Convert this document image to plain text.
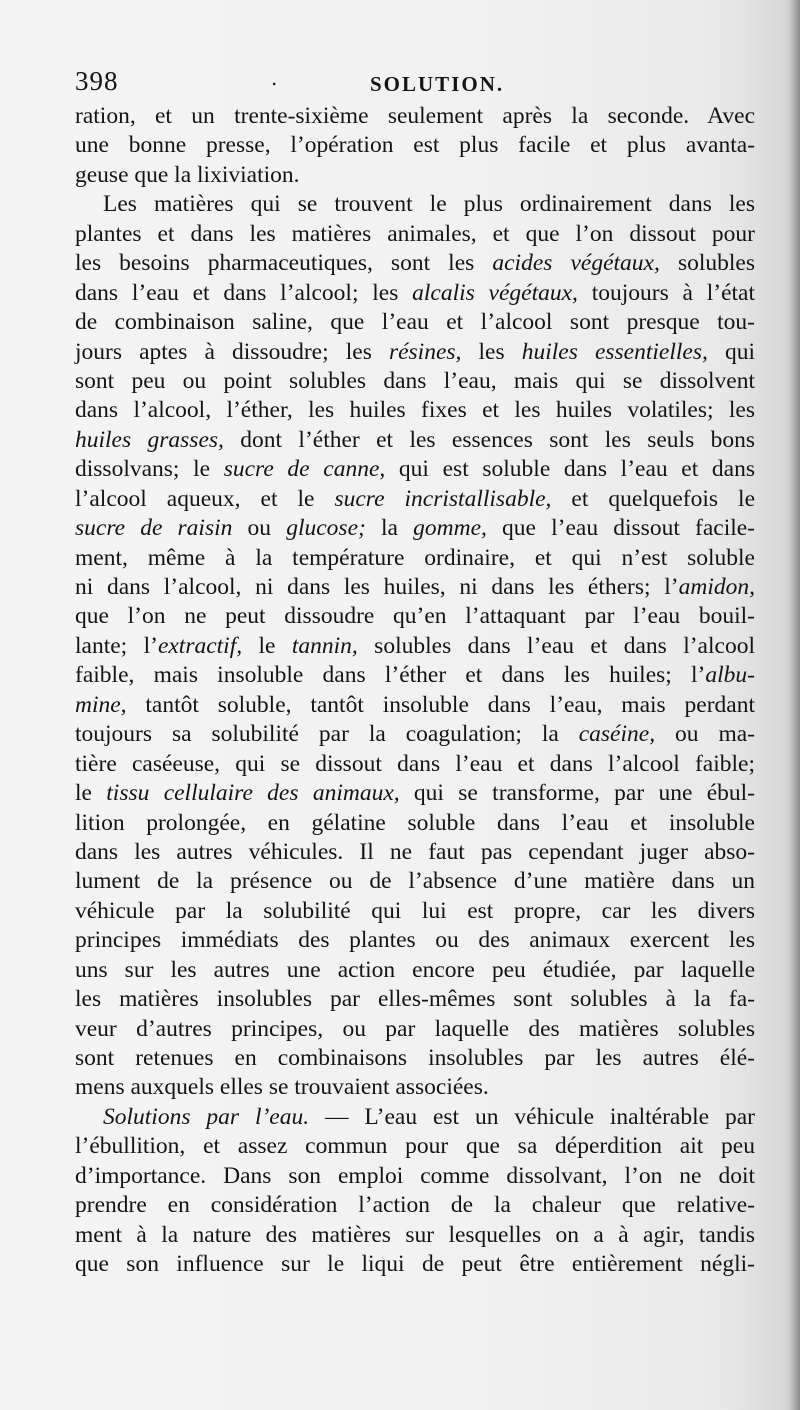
398	.	SOLUTION.
ration, et un trente-sixième seulement après la seconde. Avec
une bonne presse, l’opération est plus facile et plus avanta-
geuse que la lixiviation.
Les matières qui se trouvent le plus ordinairement dans les
plantes et dans les matières animales, et que l’on dissout pour
les besoins pharmaceutiques, sont les acides végétaux, solubles
dans l’eau et dans l’alcool; les alcalis végétaux, toujours à l’état
de combinaison saline, que l’eau et l’alcool sont presque tou-
jours aptes à dissoudre; les résines, les huiles essentielles, qui
sont peu ou point solubles dans l’eau, mais qui se dissolvent
dans l’alcool, l’éther, les huiles fixes et les huiles volatiles; les
huiles grasses, dont l’éther et les essences sont les seuls bons
dissolvans; le sucre de canne, qui est soluble dans l’eau et dans
l’alcool aqueux, et le sucre incristallisable, et quelquefois le
sucre de raisin ou glucose; la gomme, que l’eau dissout facile-
ment, même à la température ordinaire, et qui n’est soluble
ni dans l’alcool, ni dans les huiles, ni dans les éthers; l’amidon,
que l’on ne peut dissoudre qu’en l’attaquant par l’eau bouil-
lante; l’extractif, le tannin, solubles dans l’eau et dans l’alcool
faible, mais insoluble dans l’éther et dans les huiles; l’albu-
mine, tantôt soluble, tantôt insoluble dans l’eau, mais perdant
toujours sa solubilité par la coagulation; la caséine, ou ma-
tière caséeuse, qui se dissout dans l’eau et dans l’alcool faible;
le tissu cellulaire des animaux, qui se transforme, par une ébul-
lition prolongée, en gélatine soluble dans l’eau et insoluble
dans les autres véhicules. Il ne faut pas cependant juger abso-
lument de la présence ou de l’absence d’une matière dans un
véhicule par la solubilité qui lui est propre, car les divers
principes immédiats des plantes ou des animaux exercent les
uns sur les autres une action encore peu étudiée, par laquelle
les matières insolubles par elles-mêmes sont solubles à la fa-
veur d’autres principes, ou par laquelle des matières solubles
sont retenues en combinaisons insolubles par les autres élé-
mens auxquels elles se trouvaient associées.
Solutions par l’eau. — L’eau est un véhicule inaltérable par
l’ébullition, et assez commun pour que sa déperdition ait peu
d’importance. Dans son emploi comme dissolvant, l’on ne doit
prendre en considération l’action de la chaleur que relative-
ment à la nature des matières sur lesquelles on a à agir, tandis
que son influence sur le liqui de peut être entièrement négli-
